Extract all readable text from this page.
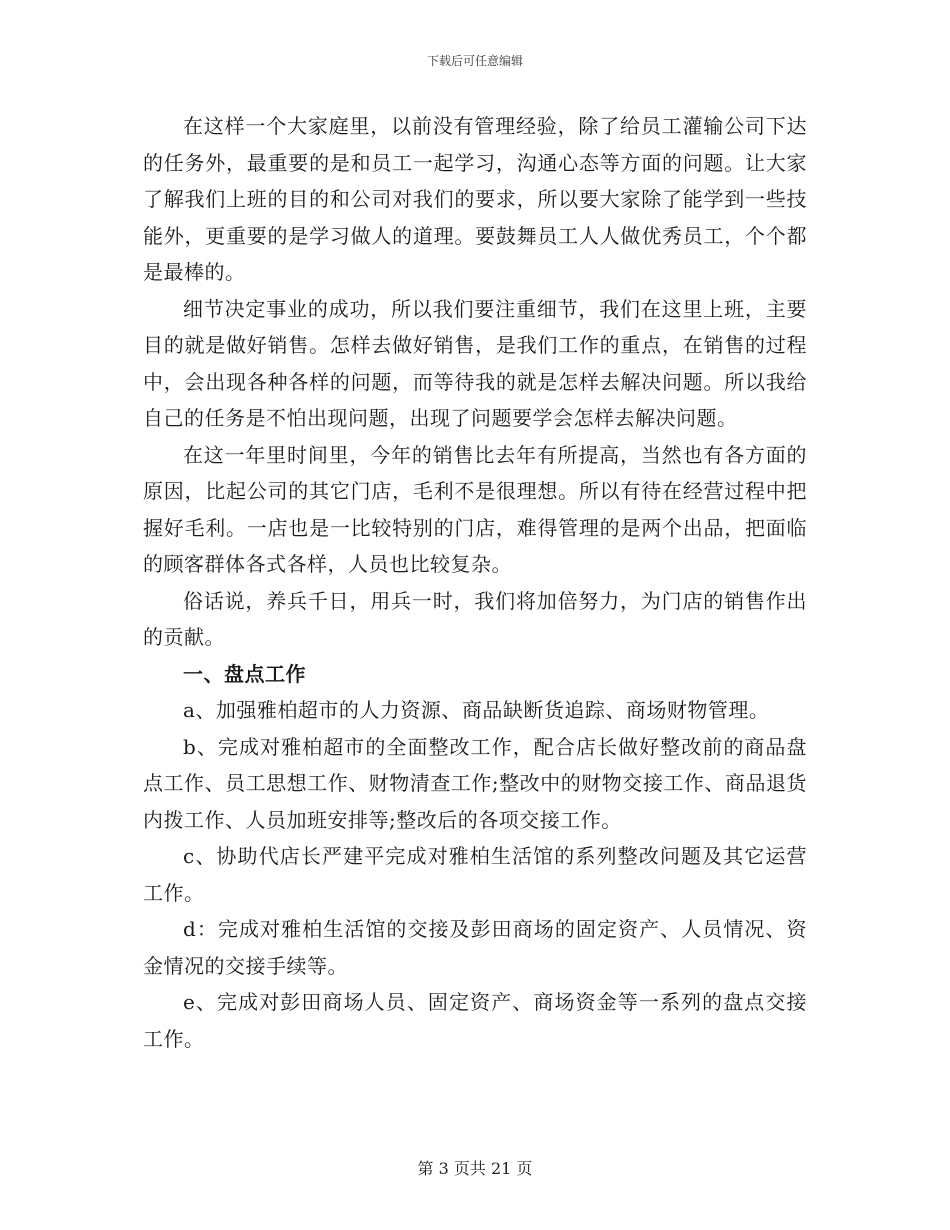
下载后可任意编辑

在这样一个大家庭里，以前没有管理经验，除了给员工灌输公司下达的任务外，最重要的是和员工一起学习，沟通心态等方面的问题。让大家了解我们上班的目的和公司对我们的要求，所以要大家除了能学到一些技能外，更重要的是学习做人的道理。要鼓舞员工人人做优秀员工，个个都是最棒的。

细节决定事业的成功，所以我们要注重细节，我们在这里上班，主要目的就是做好销售。怎样去做好销售，是我们工作的重点，在销售的过程中，会出现各种各样的问题，而等待我的就是怎样去解决问题。所以我给自己的任务是不怕出现问题，出现了问题要学会怎样去解决问题。

在这一年里时间里，今年的销售比去年有所提高，当然也有各方面的原因，比起公司的其它门店，毛利不是很理想。所以有待在经营过程中把握好毛利。一店也是一比较特别的门店，难得管理的是两个出品，把面临的顾客群体各式各样，人员也比较复杂。

俗话说，养兵千日，用兵一时，我们将加倍努力，为门店的销售作出的贡献。

一、盘点工作

a、加强雅柏超市的人力资源、商品缺断货追踪、商场财物管理。

b、完成对雅柏超市的全面整改工作，配合店长做好整改前的商品盘点工作、员工思想工作、财物清查工作;整改中的财物交接工作、商品退货内拨工作、人员加班安排等;整改后的各项交接工作。

c、协助代店长严建平完成对雅柏生活馆的系列整改问题及其它运营工作。

d：完成对雅柏生活馆的交接及彭田商场的固定资产、人员情况、资金情况的交接手续等。

e、完成对彭田商场人员、固定资产、商场资金等一系列的盘点交接工作。

第 3 页共 21 页
